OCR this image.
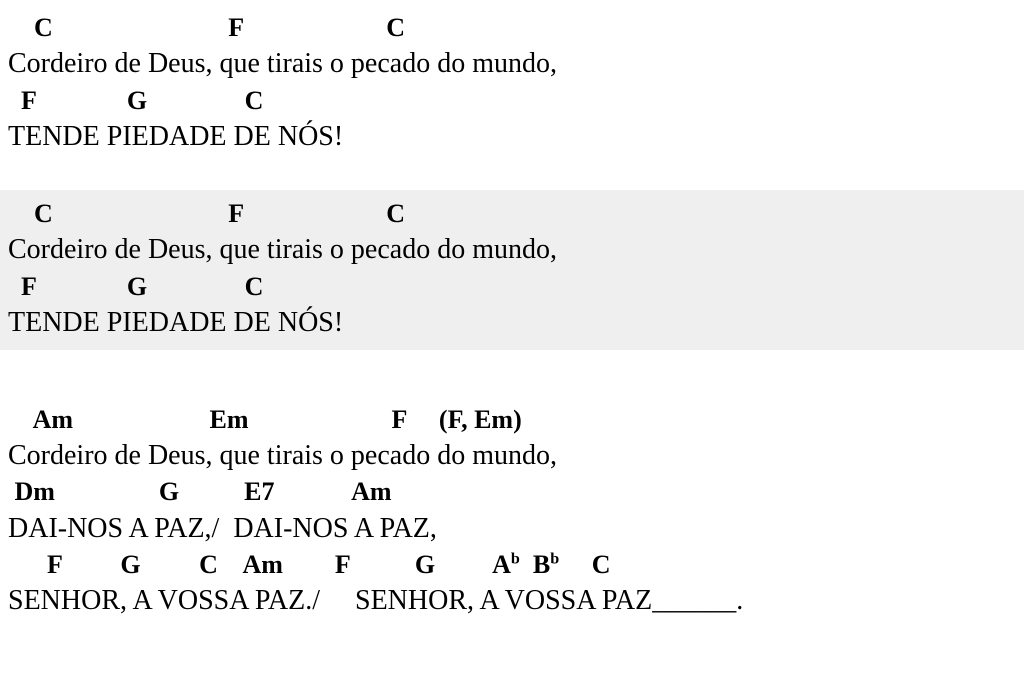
C                           F                      C
Cordeiro de Deus, que tirais o pecado do mundo,
F              G               C
TENDE PIEDADE DE NÓS!
C                           F                      C
Cordeiro de Deus, que tirais o pecado do mundo,
F              G               C
TENDE PIEDADE DE NÓS!
Am                     Em                      F     (F, Em)
Cordeiro de Deus, que tirais o pecado do mundo,
Dm                G          E7            Am
DAI-NOS A PAZ,/  DAI-NOS A PAZ,
F         G         C    Am        F          G         $A^b$  $B^b$     C
SENHOR, A VOSSA PAZ./     SENHOR, A VOSSA PAZ______.
